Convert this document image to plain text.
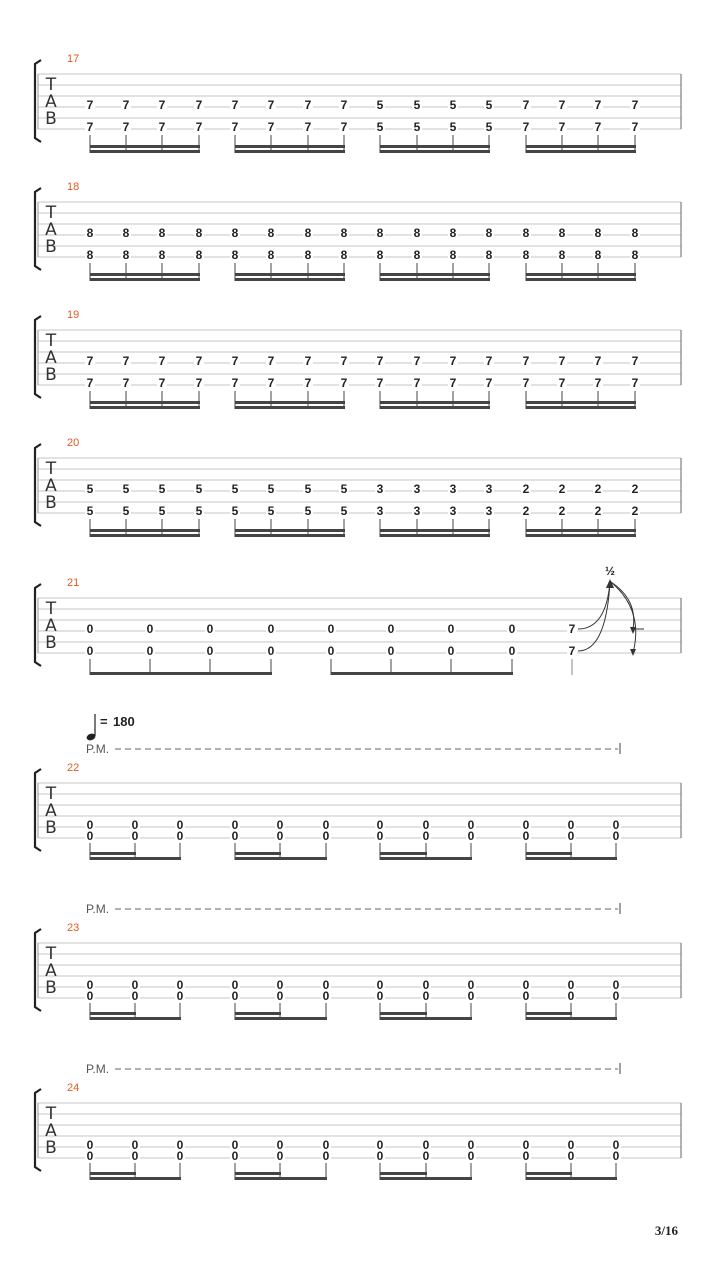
17
T
A
B
7
7
7
7
7
7
7
7
7
7
7
7
7
7
7
7
5
5
5
5
5
5
5
5
7
7
7
7
7
7
7
7
18
T
A
B
8
8
8
8
8
8
8
8
8
8
8
8
8
8
8
8
8
8
8
8
8
8
8
8
8
8
8
8
8
8
8
8
19
T
A
B
7
7
7
7
7
7
7
7
7
7
7
7
7
7
7
7
7
7
7
7
7
7
7
7
7
7
7
7
7
7
7
7
20
T
A
B
5
5
5
5
5
5
5
5
5
5
5
5
5
5
5
5
3
3
3
3
3
3
3
3
2
2
2
2
2
2
2
2
21
T
A
B
0
0
0
0
0
0
0
0
0
0
0
0
0
0
0
0
7
7
½
22
T
A
B
P.M.
0
0
0
0
0
0
0
0
0
0
0
0
0
0
0
0
0
0
0
0
0
0
0
0
23
T
A
B
P.M.
0
0
0
0
0
0
0
0
0
0
0
0
0
0
0
0
0
0
0
0
0
0
0
0
24
T
A
B
P.M.
0
0
0
0
0
0
0
0
0
0
0
0
0
0
0
0
0
0
0
0
0
0
0
0
= 180
3/16
